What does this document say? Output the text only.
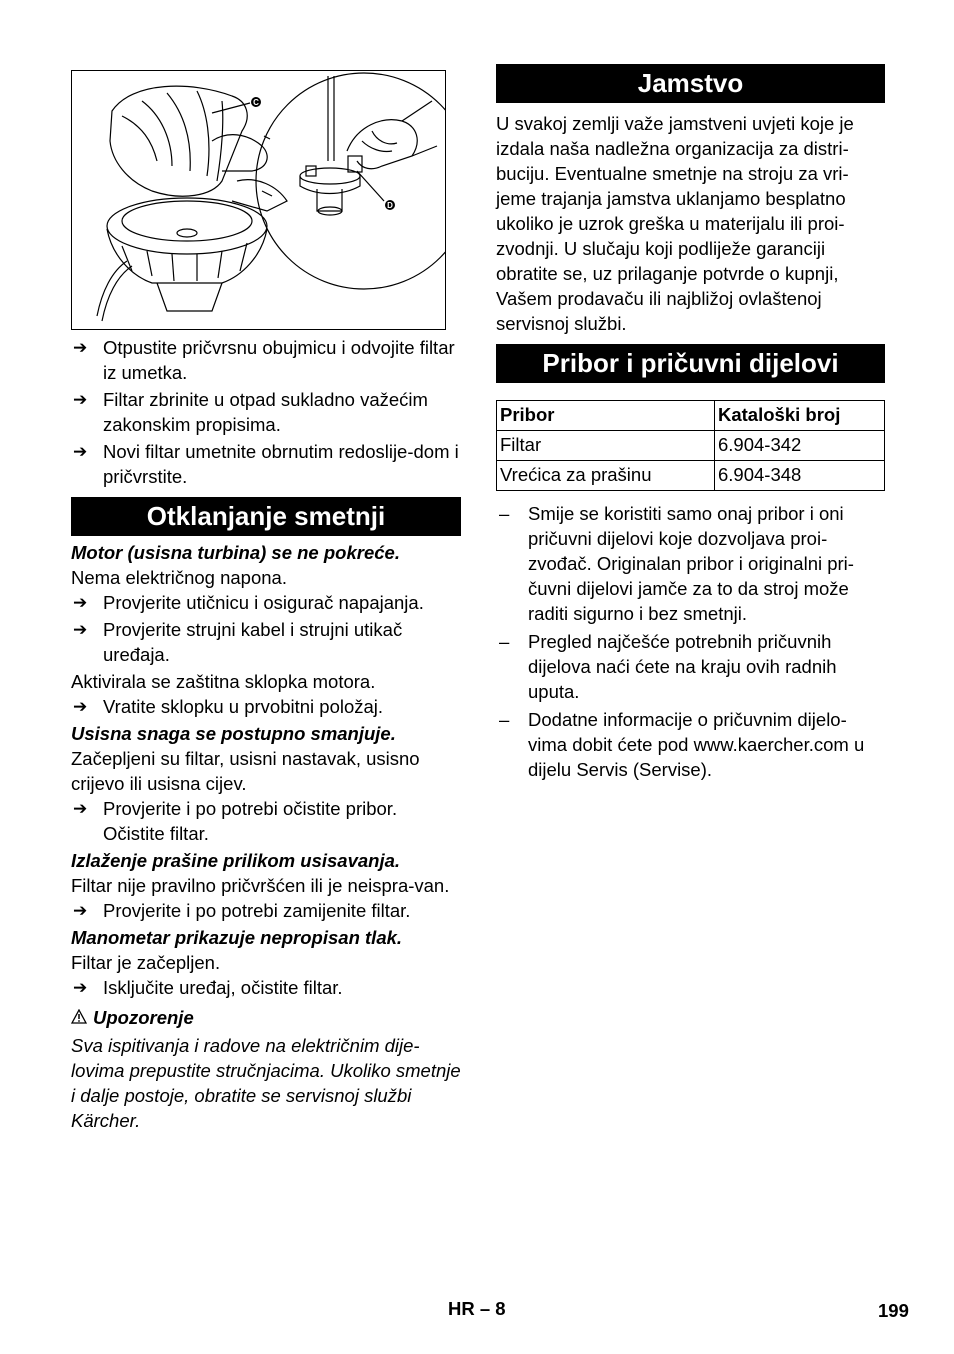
C
D
➔ Otpustite pričvrsnu obujmicu i odvojite filtar iz umetka.
➔ Filtar zbrinite u otpad sukladno važećim zakonskim propisima.
➔ Novi filtar umetnite obrnutim redoslije-dom i pričvrstite.
Otklanjanje smetnji

Motor (usisna turbina) se ne pokreće.

Nema električnog napona.

➔ Provjerite utičnicu i osigurač napajanja.
➔ Provjerite strujni kabel i strujni utikač uređaja.

Aktivirala se zaštitna sklopka motora.

➔ Vratite sklopku u prvobitni položaj.

Usisna snaga se postupno smanjuje.

Začepljeni su filtar, usisni nastavak, usisno crijevo ili usisna cijev.

➔ Provjerite i po potrebi očistite pribor. Očistite filtar.

Izlaženje prašine prilikom usisavanja.

Filtar nije pravilno pričvršćen ili je neispra-van.

➔ Provjerite i po potrebi zamijenite filtar.

Manometar prikazuje nepropisan tlak.

Filtar je začepljen.

➔ Isključite uređaj, očistite filtar.

Upozorenje

Sva ispitivanja i radove na električnim dije-lovima prepustite stručnjacima. Ukoliko smetnje i dalje postoje, obratite se servisnoj službi Kärcher.

Jamstvo

U svakoj zemlji važe jamstveni uvjeti koje je izdala naša nadležna organizacija za distri-buciju. Eventualne smetnje na stroju za vri-jeme trajanja jamstva uklanjamo besplatno ukoliko je uzrok greška u materijalu ili proi-zvodnji. U slučaju koji podliježe garanciji obratite se, uz prilaganje potvrde o kupnji, Vašem prodavaču ili najbližoj ovlaštenoj servisnoj službi.

Pribor i pričuvni dijelovi
Pribor	Kataloški broj
Filtar	6.904-342
Vrećica za prašinu	6.904-348
– Smije se koristiti samo onaj pribor i oni pričuvni dijelovi koje dozvoljava proi-zvođač. Originalan pribor i originalni pri-čuvni dijelovi jamče za to da stroj može raditi sigurno i bez smetnji.
– Pregled najčešće potrebnih pričuvnih dijelova naći ćete na kraju ovih radnih uputa.
– Dodatne informacije o pričuvnim dijelo-vima dobit ćete pod www.kaercher.com u dijelu Servis (Servise).
HR – 8	199
